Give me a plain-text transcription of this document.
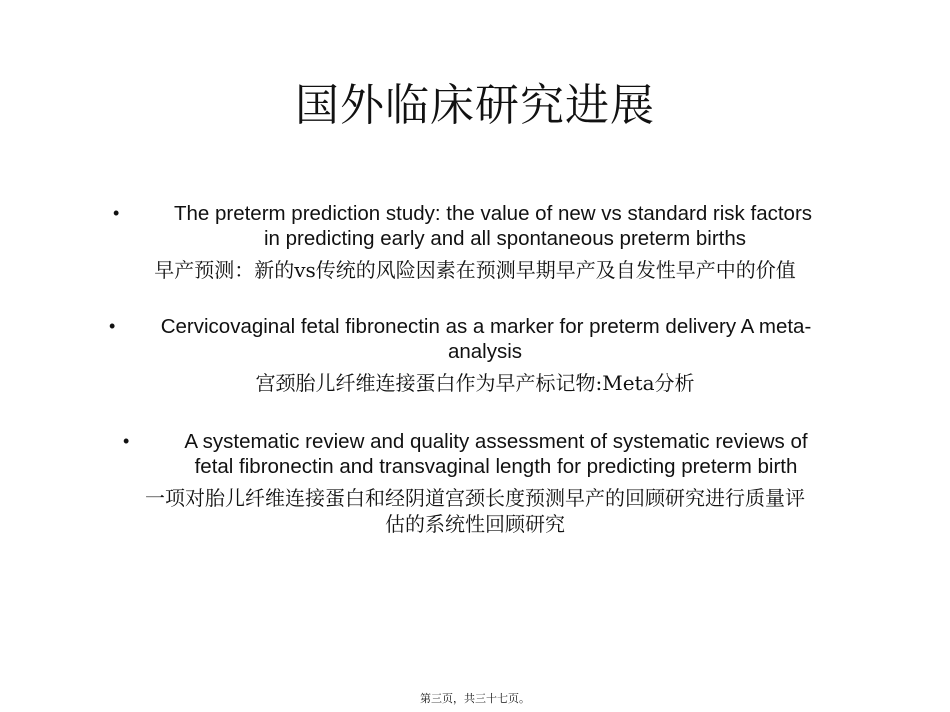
国外临床研究进展
•	The preterm prediction study: the value of new vs standard risk factors
in predicting early and all spontaneous preterm births
早产预测：新的vs传统的风险因素在预测早期早产及自发性早产中的价值
•	Cervicovaginal fetal fibronectin as a marker for preterm delivery A meta-
analysis
宫颈胎儿纤维连接蛋白作为早产标记物:Meta分析
•	A systematic review and quality assessment of systematic reviews of
fetal fibronectin and transvaginal length for predicting preterm birth
一项对胎儿纤维连接蛋白和经阴道宫颈长度预测早产的回顾研究进行质量评
估的系统性回顾研究
第三页，共三十七页。
